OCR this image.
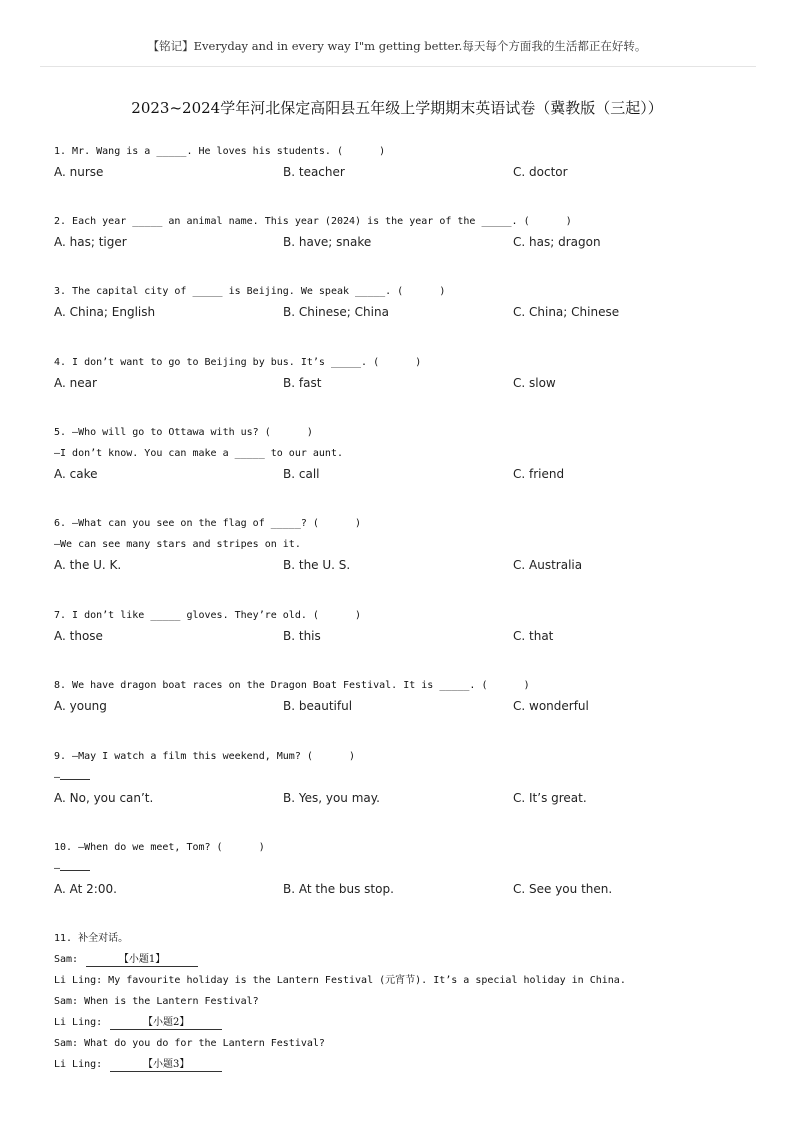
【铭记】Everyday and in every way I"m getting better.每天每个方面我的生活都正在好转。
2023~2024学年河北保定高阳县五年级上学期期末英语试卷（冀教版（三起））
1. Mr. Wang is a _____. He loves his students. (      )
A. nurse	B. teacher	C. doctor
2. Each year _____ an animal name. This year (2024) is the year of the _____. (      )
A. has; tiger	B. have; snake	C. has; dragon
3. The capital city of _____ is Beijing. We speak _____. (      )
A. China; English	B. Chinese; China	C. China; Chinese
4. I don’t want to go to Beijing by bus. It’s _____. (      )
A. near	B. fast	C. slow
5. —Who will go to Ottawa with us? (      )
—I don’t know. You can make a _____ to our aunt.
A. cake	B. call	C. friend
6. —What can you see on the flag of _____? (      )
—We can see many stars and stripes on it.
A. the U. K.	B. the U. S.	C. Australia
7. I don’t like _____ gloves. They’re old. (      )
A. those	B. this	C. that
8. We have dragon boat races on the Dragon Boat Festival. It is _____. (      )
A. young	B. beautiful	C. wonderful
9. —May I watch a film this weekend, Mum? (      )
—
A. No, you can’t.	B. Yes, you may.	C. It’s great.
10. —When do we meet, Tom? (      )
—
A. At 2:00.	B. At the bus stop.	C. See you then.
11. 补全对话。
Sam:	【小题1】
Li Ling: My favourite holiday is the Lantern Festival (元宵节). It’s a special holiday in China.
Sam: When is the Lantern Festival?
Li Ling:	【小题2】
Sam: What do you do for the Lantern Festival?
Li Ling:	【小题3】
